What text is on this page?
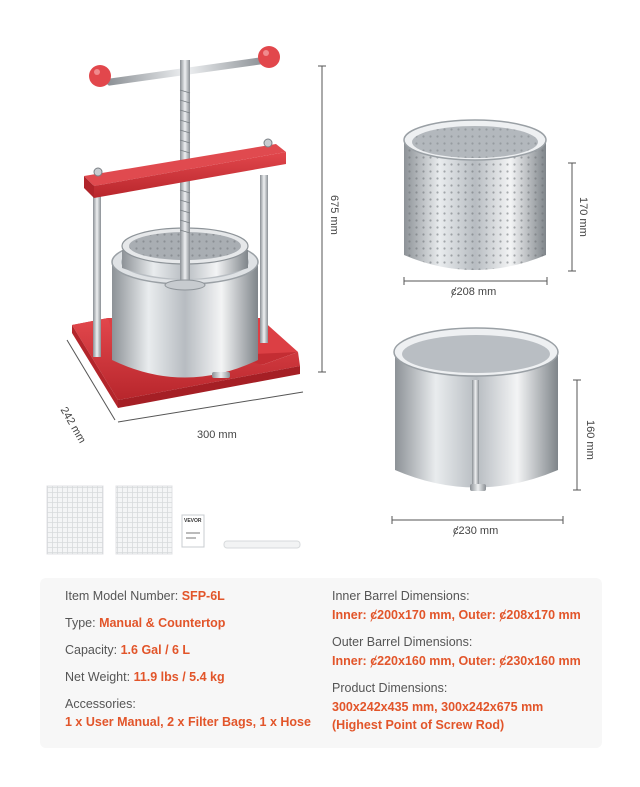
VEVOR
675 mm
300 mm
242 mm
170 mm
ȼ208 mm
160 mm
ȼ230 mm
Item Model Number: SFP-6L
Type: Manual & Countertop
Capacity: 1.6 Gal / 6 L
Net Weight: 11.9 lbs / 5.4 kg
Accessories:
1 x User Manual, 2 x Filter Bags, 1 x Hose
Inner Barrel Dimensions:
Inner: ȼ200x170 mm, Outer: ȼ208x170 mm
Outer Barrel Dimensions:
Inner: ȼ220x160 mm, Outer: ȼ230x160 mm
Product Dimensions:
300x242x435 mm, 300x242x675 mm
(Highest Point of Screw Rod)
